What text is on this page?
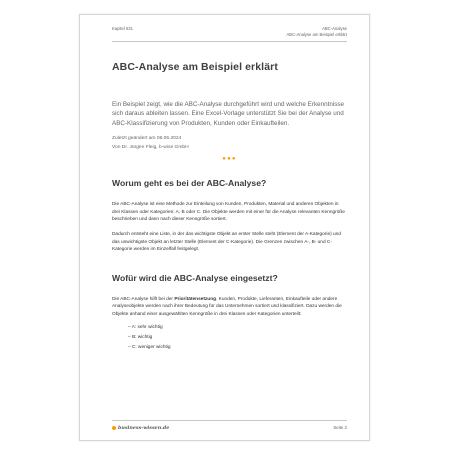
Kapitel 631	ABC-Analyse
ABC-Analyse am Beispiel erklärt
ABC-Analyse am Beispiel erklärt
Ein Beispiel zeigt, wie die ABC-Analyse durchgeführt wird und welche Erkenntnisse sich daraus ableiten lassen. Eine Excel-Vorlage unterstützt Sie bei der Analyse und ABC-Klassifizierung von Produkten, Kunden oder Einkaufteilen.
Zuletzt geändert am 06.06.2024
Von Dr. Jürgen Fleig, b-wise GmbH
●●●
Worum geht es bei der ABC-Analyse?

Die ABC-Analyse ist eine Methode zur Einteilung von Kunden, Produkten, Material und anderen Objekten in drei Klassen oder Kategorien: A, B oder C. Die Objekte werden mit einer für die Analyse relevanten Kenngröße beschrieben und dann nach dieser Kenngröße sortiert.

Dadurch entsteht eine Liste, in der das wichtigste Objekt an erster Stelle steht (Element der A-Kategorie) und das unwichtigste Objekt an letzter Stelle (Element der C-Kategorie). Die Grenzen zwischen A-, B- und C-Kategorie werden im Einzelfall festgelegt.

Wofür wird die ABC-Analyse eingesetzt?

Die ABC-Analyse hilft bei der Prioritätensetzung. Kunden, Produkte, Lieferanten, Einkaufteile oder andere Analyseobjekte werden nach ihrer Bedeutung für das Unternehmen sortiert und klassifiziert. Dazu werden die Objekte anhand einer ausgewählten Kenngröße in drei Klassen oder Kategorien unterteilt:

– A: sehr wichtig
– B: wichtig
– C: weniger wichtig
business-wissen.de	Seite 2
